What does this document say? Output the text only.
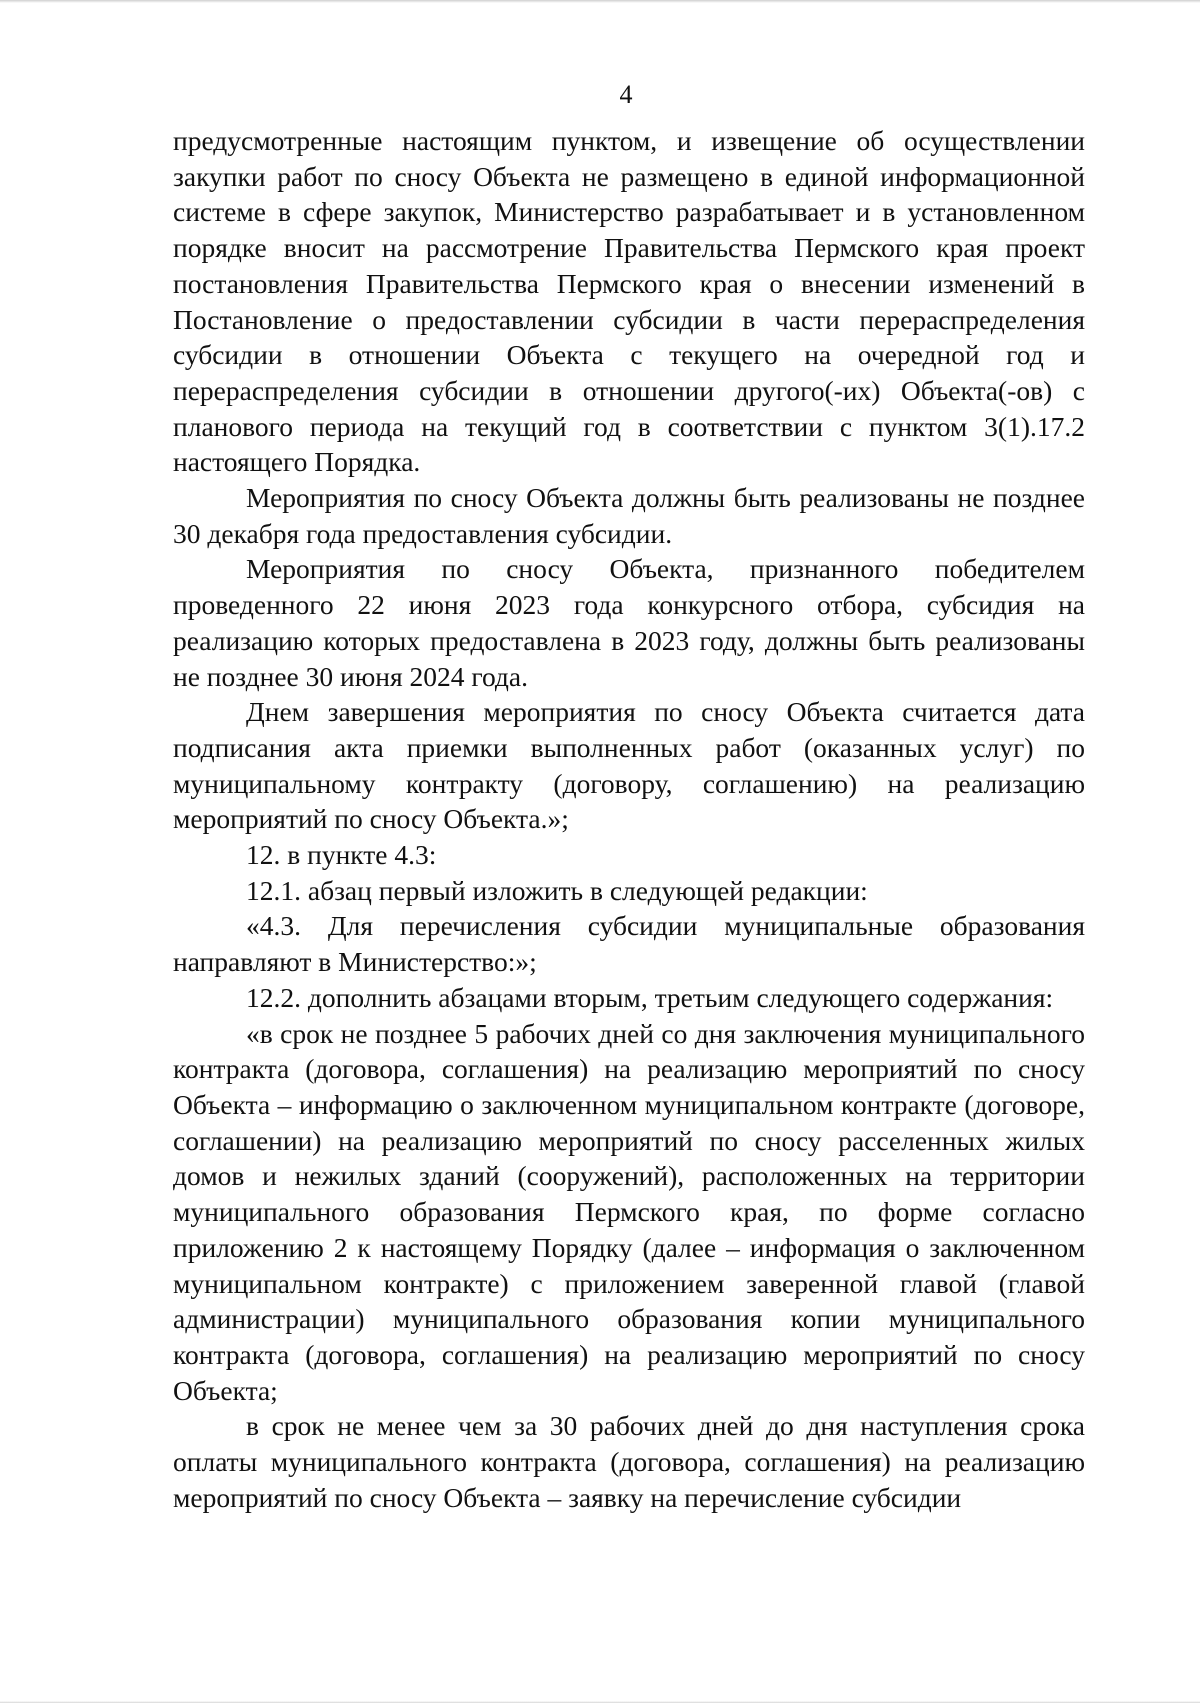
4

предусмотренные настоящим пунктом, и извещение об осуществлении закупки работ по сносу Объекта не размещено в единой информационной системе в сфере закупок, Министерство разрабатывает и в установленном порядке вносит на рассмотрение Правительства Пермского края проект постановления Правительства Пермского края о внесении изменений в Постановление о предоставлении субсидии в части перераспределения субсидии в отношении Объекта с текущего на очередной год и перераспределения субсидии в отношении другого(-их) Объекта(-ов) с планового периода на текущий год в соответствии с пунктом 3(1).17.2 настоящего Порядка.

Мероприятия по сносу Объекта должны быть реализованы не позднее 30 декабря года предоставления субсидии.

Мероприятия по сносу Объекта, признанного победителем проведенного 22 июня 2023 года конкурсного отбора, субсидия на реализацию которых предоставлена в 2023 году, должны быть реализованы не позднее 30 июня 2024 года.

Днем завершения мероприятия по сносу Объекта считается дата подписания акта приемки выполненных работ (оказанных услуг) по муниципальному контракту (договору, соглашению) на реализацию мероприятий по сносу Объекта.»;

12. в пункте 4.3:

12.1. абзац первый изложить в следующей редакции:

«4.3. Для перечисления субсидии муниципальные образования направляют в Министерство:»;

12.2. дополнить абзацами вторым, третьим следующего содержания:

«в срок не позднее 5 рабочих дней со дня заключения муниципального контракта (договора, соглашения) на реализацию мероприятий по сносу Объекта – информацию о заключенном муниципальном контракте (договоре, соглашении) на реализацию мероприятий по сносу расселенных жилых домов и нежилых зданий (сооружений), расположенных на территории муниципального образования Пермского края, по форме согласно приложению 2 к настоящему Порядку (далее – информация о заключенном муниципальном контракте) с приложением заверенной главой (главой администрации) муниципального образования копии муниципального контракта (договора, соглашения) на реализацию мероприятий по сносу Объекта;

в срок не менее чем за 30 рабочих дней до дня наступления срока оплаты муниципального контракта (договора, соглашения) на реализацию мероприятий по сносу Объекта – заявку на перечисление субсидии
